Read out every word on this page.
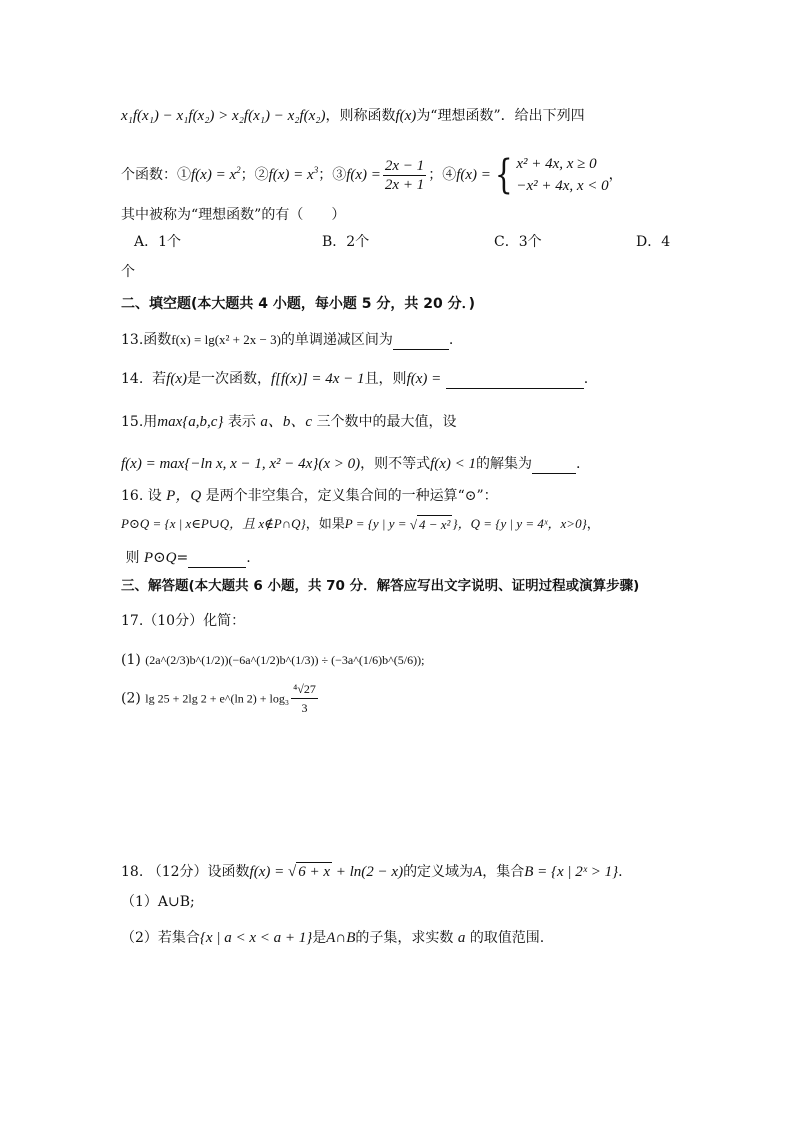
x₁f(x₁) − x₁f(x₂) > x₂f(x₁) − x₂f(x₂)，则称函数f(x)为“理想函数”．给出下列四
个函数：①f(x) = $x^2$；②f(x) = $x^3$；③f(x) = $\frac{2x - 1}{2x + 1}$ ；④f(x) = { x² + 4x, x ≥ 0
−x² + 4x, x < 0
，
其中被称为“理想函数”的有（　　）
A．1个	B．2个	C．3个	D．4
个
二、填空题(本大题共 4 小题，每小题 5 分，共 20 分．)
13.函数f(x) = lg(x² + 2x − 3)的单调递减区间为	.
14. 若f(x)是一次函数，f[f(x)] = 4x − 1且，则f(x) =	.
15.用max{a,b,c} 表示 a、b、c 三个数中的最大值，设
f(x) = max{−ln x, x − 1, x² − 4x}(x > 0)，则不等式f(x) < 1的解集为	.
16. 设 P，Q 是两个非空集合，定义集合间的一种运算“⊙”：
P⊙Q = {x | x∈P∪Q，且 x∉P∩Q}，如果P = {y | y = √ 4 − x² }，Q = {y | y = 4ˣ，x>0}，
则 P⊙Q=	.
三、解答题(本大题共 6 小题，共 70 分．解答应写出文字说明、证明过程或演算步骤)
17.（10分）化简：
(1) (2a^(2/3)b^(1/2))(−6a^(1/2)b^(1/3)) ÷ (−3a^(1/6)b^(5/6));
(2) lg 25 + 2lg 2 + e^(ln $2) + \log_3 \frac{\text{⁴√27}}{3}$
18. （12分）设函数f(x) = √ 6 + x + ln(2 − x)的定义域为A，集合B = {x | 2ˣ > 1}.
（1）A∪B;
（2）若集合{x | a < x < a + 1}是A∩B的子集，求实数 a 的取值范围.
